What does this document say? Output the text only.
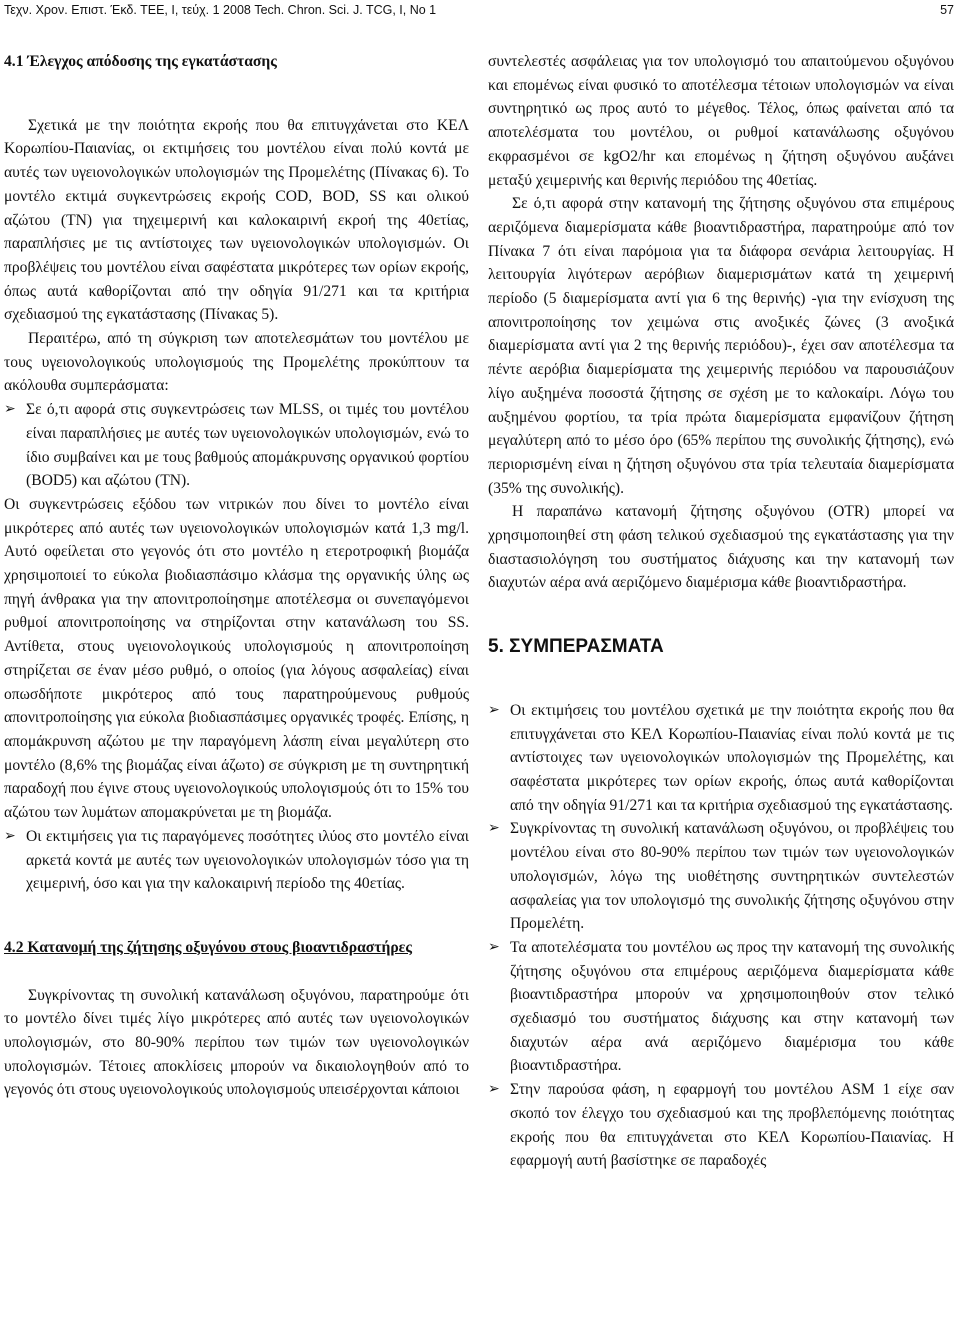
Τεχν. Χρον. Επιστ. Έκδ. ΤΕΕ, Ι, τεύχ. 1 2008 Tech. Chron. Sci. J. TCG, I, No 1	57
4.1 Έλεγχος απόδοσης της εγκατάστασης

Σχετικά με την ποιότητα εκροής που θα επιτυγχάνεται στο ΚΕΛ Κορωπίου-Παιανίας, οι εκτιμήσεις του μοντέλου είναι πολύ κοντά με αυτές των υγειονολογικών υπολογισμών της Προμελέτης (Πίνακας 6). Το μοντέλο εκτιμά συγκεντρώσεις εκροής COD, BOD, SS και ολικού αζώτου (TN) για τηχειμερινή και καλοκαιρινή εκροή της 40ετίας, παραπλήσιες με τις αντίστοιχες των υγειονολογικών υπολογισμών. Οι προβλέψεις του μοντέλου είναι σαφέστατα μικρότερες των ορίων εκροής, όπως αυτά καθορίζονται από την οδηγία 91/271 και τα κριτήρια σχεδιασμού της εγκατάστασης (Πίνακας 5).

Περαιτέρω, από τη σύγκριση των αποτελεσμάτων του μοντέλου με τους υγειονολογικούς υπολογισμούς της Προμελέτης προκύπτουν τα ακόλουθα συμπεράσματα:

➢ Σε ό,τι αφορά στις συγκεντρώσεις των MLSS, οι τιμές του μοντέλου είναι παραπλήσιες με αυτές των υγειονολογικών υπολογισμών, ενώ το ίδιο συμβαίνει και με τους βαθμούς απομάκρυνσης οργανικού φορτίου (BOD5) και αζώτου (TN).

Οι συγκεντρώσεις εξόδου των νιτρικών που δίνει το μοντέλο είναι μικρότερες από αυτές των υγειονολογικών υπολογισμών κατά 1,3 mg/l. Αυτό οφείλεται στο γεγονός ότι στο μοντέλο η ετεροτροφική βιομάζα χρησιμοποιεί το εύκολα βιοδιασπάσιμο κλάσμα της οργανικής ύλης ως πηγή άνθρακα για την απονιτροποίησημε αποτέλεσμα οι συνεπαγόμενοι ρυθμοί απονιτροποίησης να στηρίζονται στην κατανάλωση του SS. Αντίθετα, στους υγειονολογικούς υπολογισμούς η απονιτροποίηση στηρίζεται σε έναν μέσο ρυθμό, ο οποίος (για λόγους ασφαλείας) είναι οπωσδήποτε μικρότερος από τους παρατηρούμενους ρυθμούς απονιτροποίησης για εύκολα βιοδιασπάσιμες οργανικές τροφές. Επίσης, η απομάκρυνση αζώτου με την παραγόμενη λάσπη είναι μεγαλύτερη στο μοντέλο (8,6% της βιομάζας είναι άζωτο) σε σύγκριση με τη συντηρητική παραδοχή που έγινε στους υγειονολογικούς υπολογισμούς ότι το 15% του αζώτου των λυμάτων απομακρύνεται με τη βιομάζα.

➢ Οι εκτιμήσεις για τις παραγόμενες ποσότητες ιλύος στο μοντέλο είναι αρκετά κοντά με αυτές των υγειονολογικών υπολογισμών τόσο για τη χειμερινή, όσο και για την καλοκαιρινή περίοδο της 40ετίας.
4.2 Κατανομή της ζήτησης οξυγόνου στους βιοαντιδραστήρες

Συγκρίνοντας τη συνολική κατανάλωση οξυγόνου, παρατηρούμε ότι το μοντέλο δίνει τιμές λίγο μικρότερες από αυτές των υγειονολογικών υπολογισμών, στο 80-90% περίπου των τιμών των υγειονολογικών υπολογισμών. Τέτοιες αποκλίσεις μπορούν να δικαιολογηθούν από το γεγονός ότι στους υγειονολογικούς υπολογισμούς υπεισέρχονται κάποιοι

συντελεστές ασφάλειας για τον υπολογισμό του απαιτούμενου οξυγόνου και επομένως είναι φυσικό το αποτέλεσμα τέτοιων υπολογισμών να είναι συντηρητικό ως προς αυτό το μέγεθος. Τέλος, όπως φαίνεται από τα αποτελέσματα του μοντέλου, οι ρυθμοί κατανάλωσης οξυγόνου εκφρασμένοι σε kgO2/hr και επομένως η ζήτηση οξυγόνου αυξάνει μεταξύ χειμερινής και θερινής περιόδου της 40ετίας.

Σε ό,τι αφορά στην κατανομή της ζήτησης οξυγόνου στα επιμέρους αεριζόμενα διαμερίσματα κάθε βιοαντιδραστήρα, παρατηρούμε από τον Πίνακα 7 ότι είναι παρόμοια για τα διάφορα σενάρια λειτουργίας. Η λειτουργία λιγότερων αερόβιων διαμερισμάτων κατά τη χειμερινή περίοδο (5 διαμερίσματα αντί για 6 της θερινής) -για την ενίσχυση της απονιτροποίησης τον χειμώνα στις ανοξικές ζώνες (3 ανοξικά διαμερίσματα αντί για 2 της θερινής περιόδου)-, έχει σαν αποτέλεσμα τα πέντε αερόβια διαμερίσματα της χειμερινής περιόδου να παρουσιάζουν λίγο αυξημένα ποσοστά ζήτησης σε σχέση με το καλοκαίρι. Λόγω του αυξημένου φορτίου, τα τρία πρώτα διαμερίσματα εμφανίζουν ζήτηση μεγαλύτερη από το μέσο όρο (65% περίπου της συνολικής ζήτησης), ενώ περιορισμένη είναι η ζήτηση οξυγόνου στα τρία τελευταία διαμερίσματα (35% της συνολικής).

Η παραπάνω κατανομή ζήτησης οξυγόνου (OTR) μπορεί να χρησιμοποιηθεί στη φάση τελικού σχεδιασμού της εγκατάστασης για την διαστασιολόγηση του συστήματος διάχυσης και την κατανομή των διαχυτών αέρα ανά αεριζόμενο διαμέρισμα κάθε βιοαντιδραστήρα.

5. ΣΥΜΠΕΡΑΣΜΑΤΑ
➢ Οι εκτιμήσεις του μοντέλου σχετικά με την ποιότητα εκροής που θα επιτυγχάνεται στο ΚΕΛ Κορωπίου-Παιανίας είναι πολύ κοντά με τις αντίστοιχες των υγειονολογικών υπολογισμών της Προμελέτης, και σαφέστατα μικρότερες των ορίων εκροής, όπως αυτά καθορίζονται από την οδηγία 91/271 και τα κριτήρια σχεδιασμού της εγκατάστασης.
➢ Συγκρίνοντας τη συνολική κατανάλωση οξυγόνου, οι προβλέψεις του μοντέλου είναι στο 80-90% περίπου των τιμών των υγειονολογικών υπολογισμών, λόγω της υιοθέτησης συντηρητικών συντελεστών ασφαλείας για τον υπολογισμό της συνολικής ζήτησης οξυγόνου στην Προμελέτη.
➢ Τα αποτελέσματα του μοντέλου ως προς την κατανομή της συνολικής ζήτησης οξυγόνου στα επιμέρους αεριζόμενα διαμερίσματα κάθε βιοαντιδραστήρα μπορούν να χρησιμοποιηθούν στον τελικό σχεδιασμό του συστήματος διάχυσης και στην κατανομή των διαχυτών αέρα ανά αεριζόμενο διαμέρισμα του κάθε βιοαντιδραστήρα.
➢ Στην παρούσα φάση, η εφαρμογή του μοντέλου ASM 1 είχε σαν σκοπό τον έλεγχο του σχεδιασμού και της προβλεπόμενης ποιότητας εκροής που θα επιτυγχάνεται στο ΚΕΛ Κορωπίου-Παιανίας. Η εφαρμογή αυτή βασίστηκε σε παραδοχές
